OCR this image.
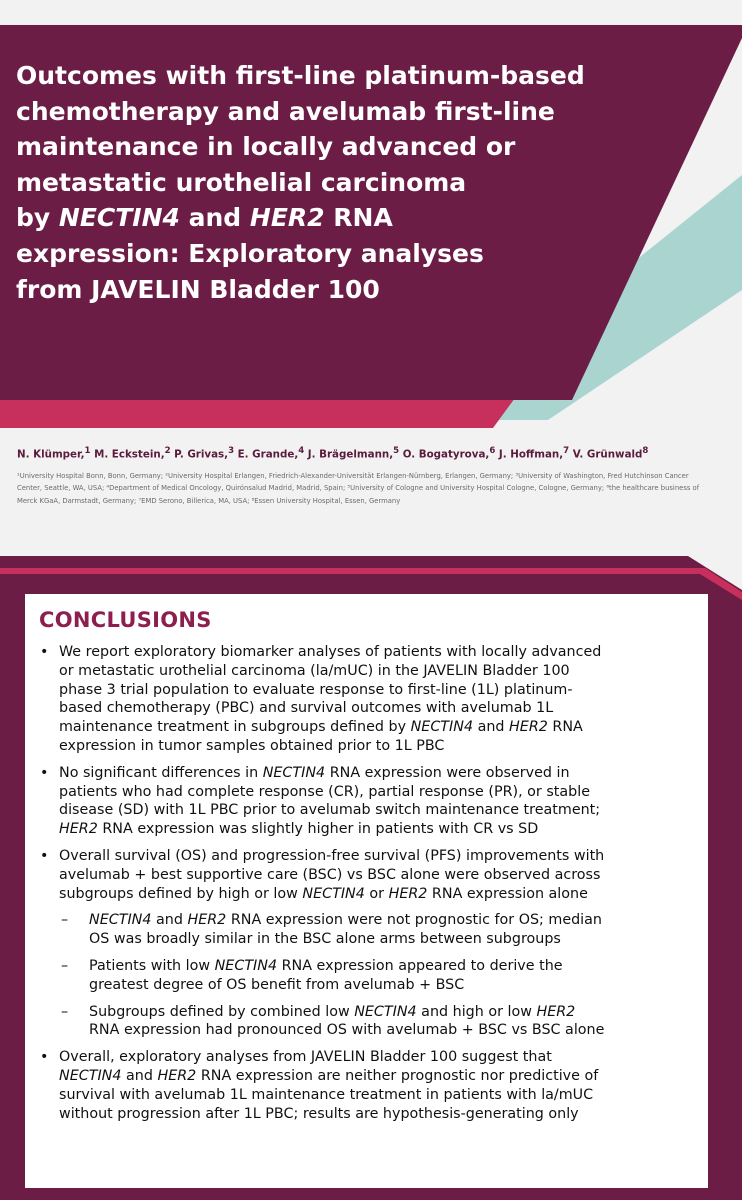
Outcomes with first-line platinum-based
chemotherapy and avelumab first-line
maintenance in locally advanced or
metastatic urothelial carcinoma
by NECTIN4 and HER2 RNA
expression: Exploratory analyses
from JAVELIN Bladder 100
N. Klümper,$^1$ M. Eckstein,$^2$ P. Grivas,$^3$ E. Grande,$^4$ J. Brägelmann,$^5$ O. Bogatyrova,$^6$ J. Hoffman,$^7$ V. Grünwald$^8$
¹University Hospital Bonn, Bonn, Germany; ²University Hospital Erlangen, Friedrich-Alexander-Universität Erlangen-Nürnberg, Erlangen, Germany; ³University of Washington, Fred Hutchinson Cancer Center, Seattle, WA, USA; ⁴Department of Medical Oncology, Quirónsalud Madrid, Madrid, Spain; ⁵University of Cologne and University Hospital Cologne, Cologne, Germany; ⁶the healthcare business of Merck KGaA, Darmstadt, Germany; ⁷EMD Serono, Billerica, MA, USA; ⁸Essen University Hospital, Essen, Germany
CONCLUSIONS
• We report exploratory biomarker analyses of patients with locally advanced
or metastatic urothelial carcinoma (la/mUC) in the JAVELIN Bladder 100
phase 3 trial population to evaluate response to first-line (1L) platinum-
based chemotherapy (PBC) and survival outcomes with avelumab 1L
maintenance treatment in subgroups defined by NECTIN4 and HER2 RNA
expression in tumor samples obtained prior to 1L PBC
• No significant differences in NECTIN4 RNA expression were observed in
patients who had complete response (CR), partial response (PR), or stable
disease (SD) with 1L PBC prior to avelumab switch maintenance treatment;
HER2 RNA expression was slightly higher in patients with CR vs SD
• Overall survival (OS) and progression-free survival (PFS) improvements with
avelumab + best supportive care (BSC) vs BSC alone were observed across
subgroups defined by high or low NECTIN4 or HER2 RNA expression alone
– NECTIN4 and HER2 RNA expression were not prognostic for OS; median
OS was broadly similar in the BSC alone arms between subgroups
– Patients with low NECTIN4 RNA expression appeared to derive the
greatest degree of OS benefit from avelumab + BSC
– Subgroups defined by combined low NECTIN4 and high or low HER2
RNA expression had pronounced OS with avelumab + BSC vs BSC alone
• Overall, exploratory analyses from JAVELIN Bladder 100 suggest that
NECTIN4 and HER2 RNA expression are neither prognostic nor predictive of
survival with avelumab 1L maintenance treatment in patients with la/mUC
without progression after 1L PBC; results are hypothesis-generating only
